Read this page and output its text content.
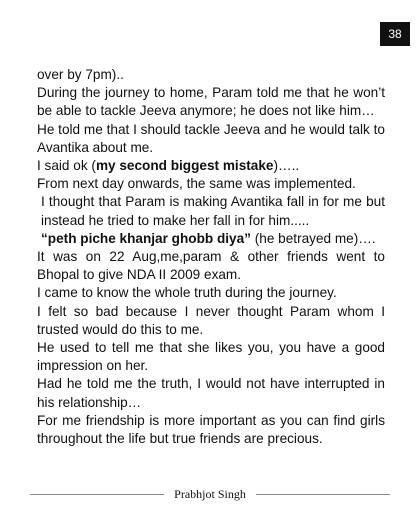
38

over by 7pm)..

During the journey to home, Param told me that he won’t be able to tackle Jeeva anymore; he does not like him…

He told me that I should tackle Jeeva and he would talk to Avantika about me.

I said ok (my second biggest mistake)…..

From next day onwards, the same was implemented.

I thought that Param is making Avantika fall in for me but instead he tried to make her fall in for him.....

“peth piche khanjar ghobb diya” (he betrayed me)….

It was on 22 Aug,me,param & other friends went to Bhopal to give NDA II 2009 exam.

I came to know the whole truth during the journey.

I felt so bad because I never thought Param whom I trusted would do this to me.

He used to tell me that she likes you, you have a good impression on her.

Had he told me the truth, I would not have interrupted in his relationship…

For me friendship is more important as you can find girls throughout the life but true friends are precious.

Prabhjot Singh
